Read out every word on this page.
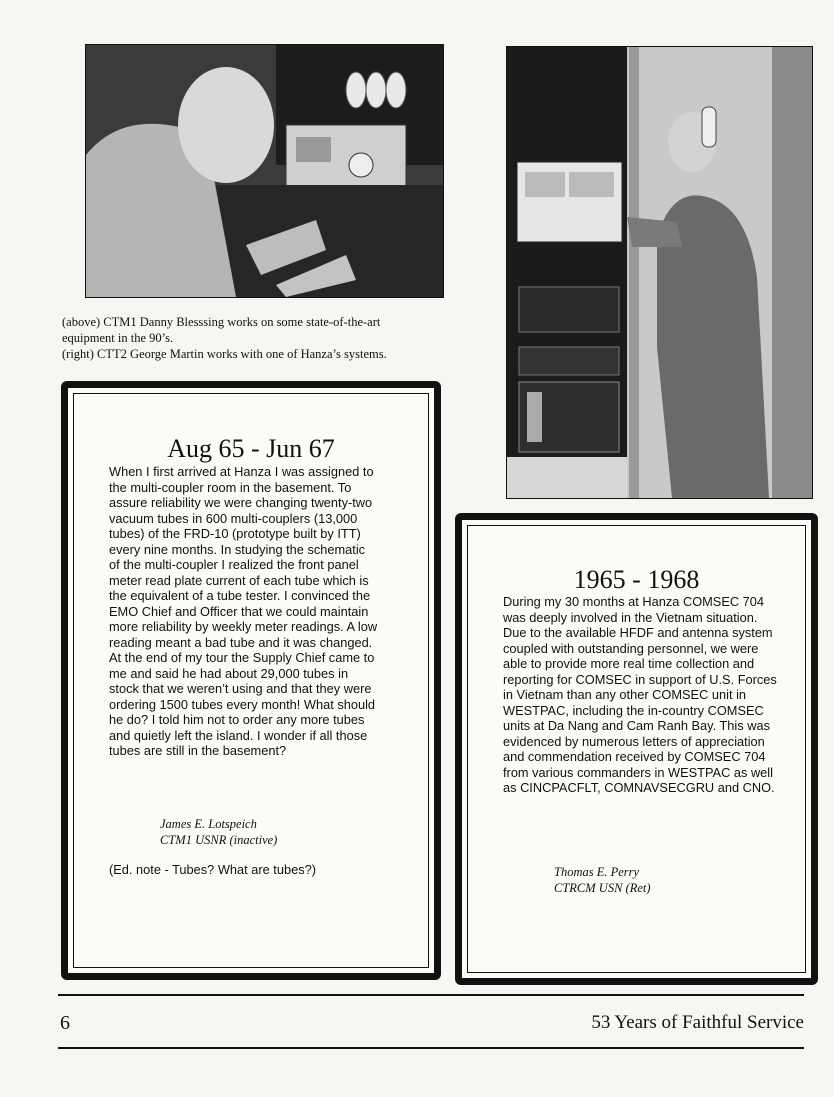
(above) CTM1 Danny Blesssing works on some state-of-the-art
equipment in the 90’s.
(right) CTT2 George Martin works with one of Hanza’s systems.
Aug 65 - Jun 67
When I first arrived at Hanza I was assigned to the multi-coupler room in the basement. To assure reliability we were changing twenty-two vacuum tubes in 600 multi-couplers (13,000 tubes) of the FRD-10 (prototype built by ITT) every nine months. In studying the schematic of the multi-coupler I realized the front panel meter read plate current of each tube which is the equivalent of a tube tester. I convinced the EMO Chief and Officer that we could maintain more reliability by weekly meter readings. A low reading meant a bad tube and it was changed. At the end of my tour the Supply Chief came to me and said he had about 29,000 tubes in stock that we weren’t using and that they were ordering 1500 tubes every month! What should he do? I told him not to order any more tubes and quietly left the island. I wonder if all those tubes are still in the basement?
James E. Lotspeich
CTM1 USNR (inactive)
(Ed. note - Tubes? What are tubes?)
1965 - 1968
During my 30 months at Hanza COMSEC 704 was deeply involved in the Vietnam situation. Due to the available HFDF and antenna system coupled with outstanding personnel, we were able to provide more real time collection and reporting for COMSEC in support of U.S. Forces in Vietnam than any other COMSEC unit in WESTPAC, including the in-country COMSEC units at Da Nang and Cam Ranh Bay. This was evidenced by numerous letters of appreciation and commendation received by COMSEC 704 from various commanders in WESTPAC as well as CINCPACFLT, COMNAVSECGRU and CNO.
Thomas E. Perry
CTRCM USN (Ret)
6	53 Years of Faithful Service
